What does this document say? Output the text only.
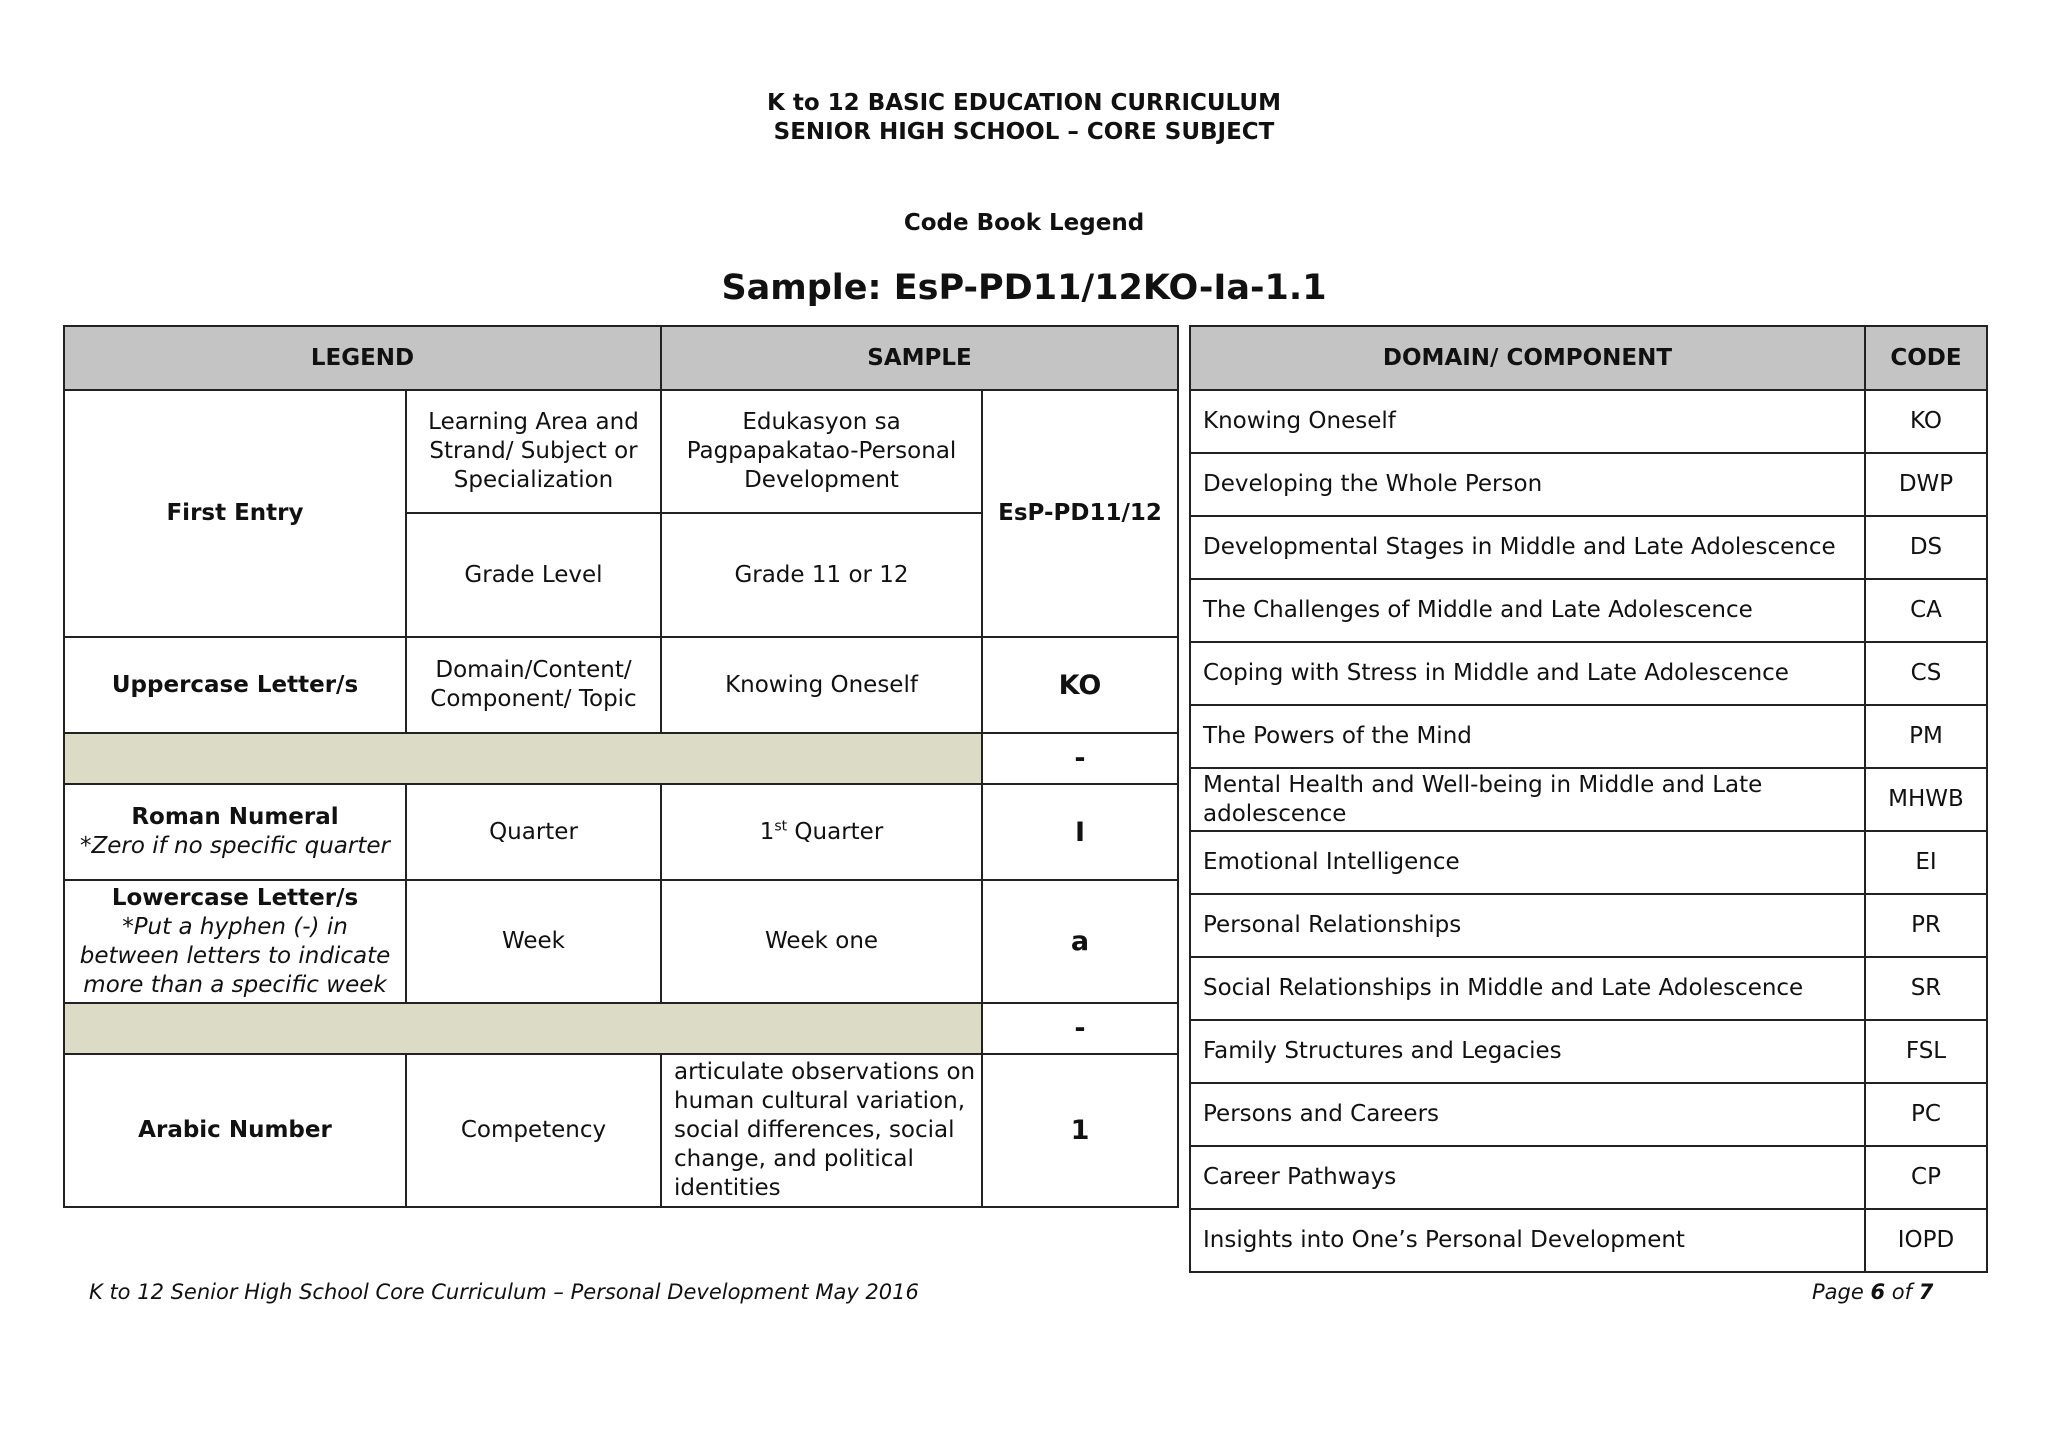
K to 12 BASIC EDUCATION CURRICULUM
SENIOR HIGH SCHOOL – CORE SUBJECT
Code Book Legend
Sample: EsP-PD11/12KO-Ia-1.1
LEGEND		SAMPLE	
First Entry	Learning Area and Strand/ Subject or Specialization	Edukasyon sa Pagpapakatao-Personal Development	EsP-PD11/12
	Grade Level	Grade 11 or 12	
Uppercase Letter/s	Domain/Content/ Component/ Topic	Knowing Oneself	KO
			-

Roman Numeral
*Zero if no specific quarter	Quarter	1st Quarter	I

Lowercase Letter/s
*Put a hyphen (-) in between letters to indicate more than a specific week	Week	Week one	a
			-
Arabic Number	Competency	articulate observations on human cultural variation, social differences, social change, and political identities	1
DOMAIN/ COMPONENT	CODE
Knowing Oneself	KO
Developing the Whole Person	DWP
Developmental Stages in Middle and Late Adolescence	DS
The Challenges of Middle and Late Adolescence	CA
Coping with Stress in Middle and Late Adolescence	CS
The Powers of the Mind	PM
Mental Health and Well-being in Middle and Late adolescence	MHWB
Emotional Intelligence	EI
Personal Relationships	PR
Social Relationships in Middle and Late Adolescence	SR
Family Structures and Legacies	FSL
Persons and Careers	PC
Career Pathways	CP
Insights into One’s Personal Development	IOPD
K to 12 Senior High School Core Curriculum – Personal Development May 2016	Page 6 of 7
